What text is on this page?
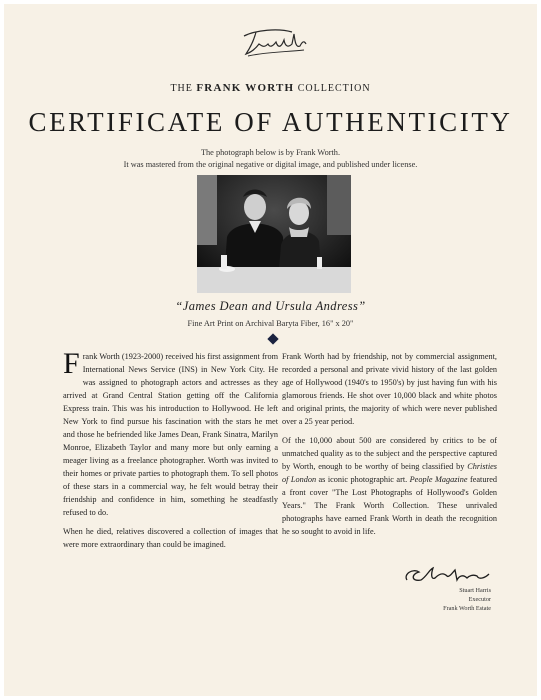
THE FRANK WORTH COLLECTION
CERTIFICATE OF AUTHENTICITY
The photograph below is by Frank Worth.
It was mastered from the original negative or digital image, and published under license.
“James Dean and Ursula Andress”
Fine Art Print on Archival Baryta Fiber, 16" x 20"

Frank Worth (1923-2000) received his first assignment from International News Service (INS) in New York City. He was assigned to photograph actors and actresses as they arrived at Grand Central Station getting off the California Express train. This was his introduction to Hollywood. He left New York to find pursue his fascination with the stars he met and those he befriended like James Dean, Frank Sinatra, Marilyn Monroe, Elizabeth Taylor and many more but only earning a meager living as a freelance photographer. Worth was invited to their homes or private parties to photograph them. To sell photos of these stars in a commercial way, he felt would betray their friendship and confidence in him, something he steadfastly refused to do.

When he died, relatives discovered a collection of images that were more extraordinary than could be imagined.

Frank Worth had by friendship, not by commercial assignment, recorded a personal and private vivid history of the last golden age of Hollywood (1940's to 1950's) by just having fun with his glamorous friends. He shot over 10,000 black and white photos and original prints, the majority of which were never published over a 25 year period.

Of the 10,000 about 500 are considered by critics to be of unmatched quality as to the subject and the perspective captured by Worth, enough to be worthy of being classified by Christies of London as iconic photographic art. People Magazine featured a front cover "The Lost Photographs of Hollywood's Golden Years." The Frank Worth Collection. These unrivaled photographs have earned Frank Worth in death the recognition he so sought to avoid in life.

Stuart Harris
Executor
Frank Worth Estate
